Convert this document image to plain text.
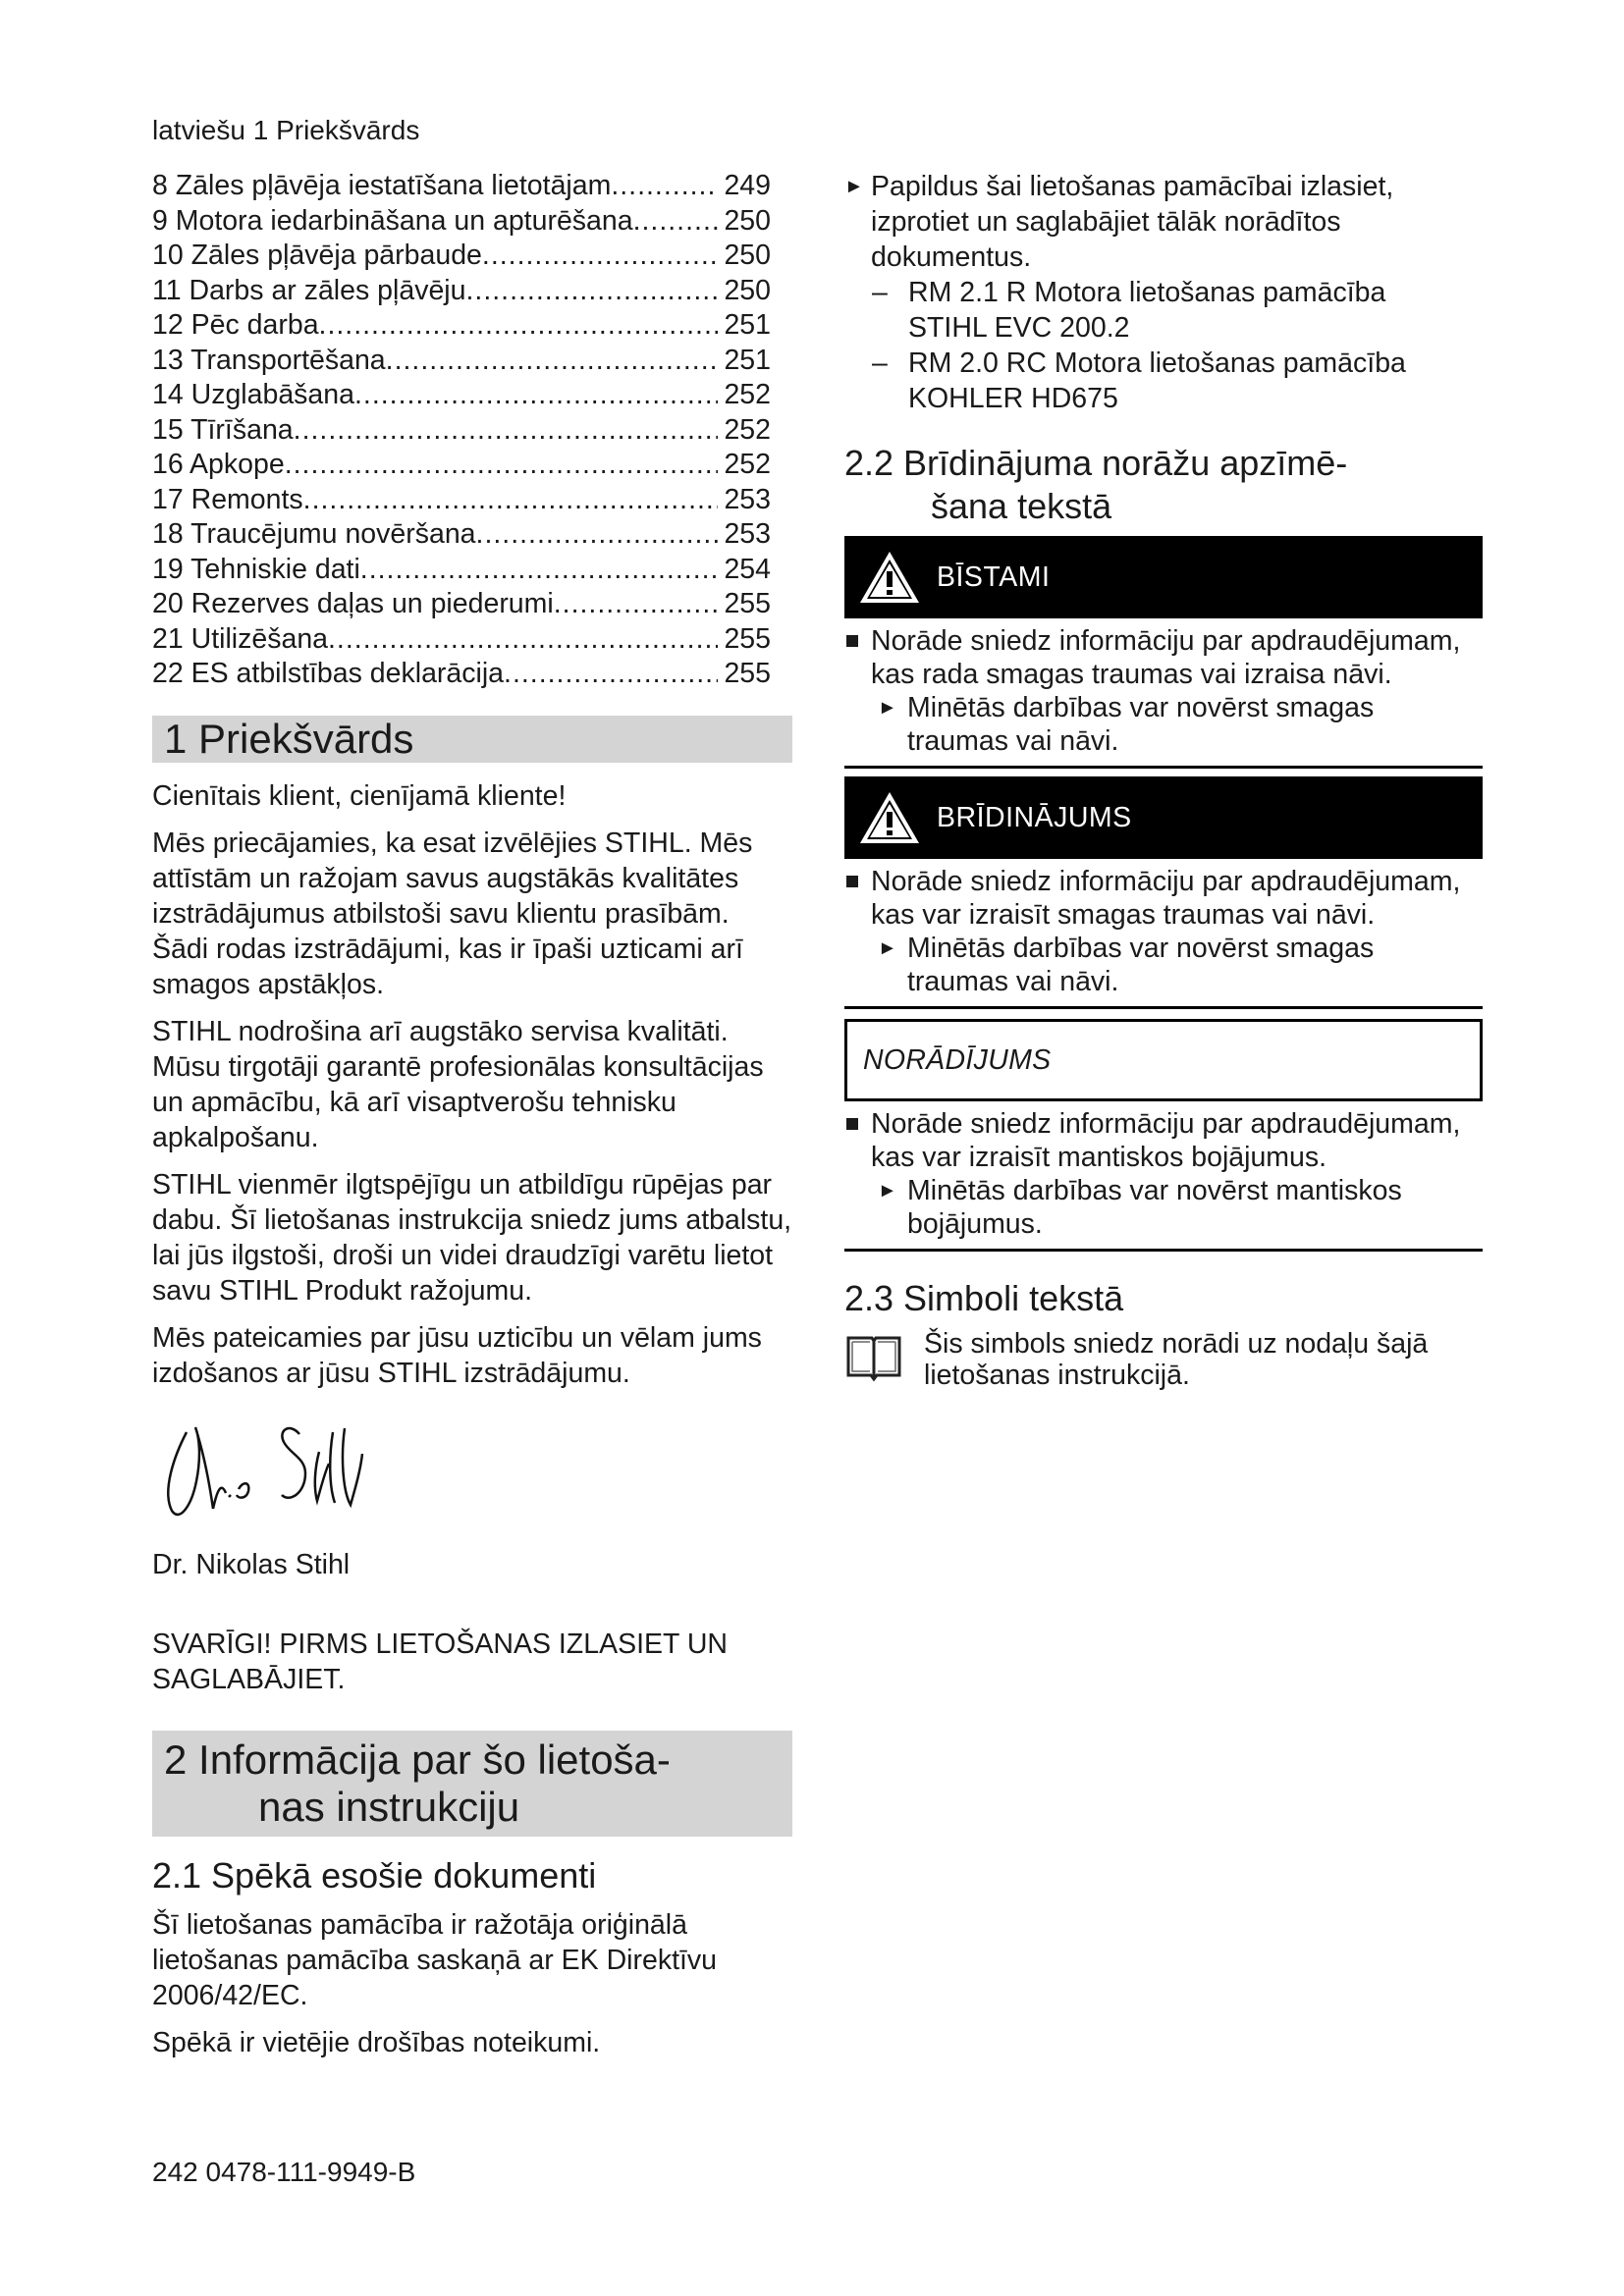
latviešu 1 Priekšvārds
8 Zāles pļāvēja iestatīšana lietotājam .....	249
9 Motora iedarbināšana un apturēšana .....	250
10 Zāles pļāvēja pārbaude .....	250
11 Darbs ar zāles pļāvēju .....	250
12 Pēc darba .....	251
13 Transportēšana .....	251
14 Uzglabāšana .....	252
15 Tīrīšana .....	252
16 Apkope .....	252
17 Remonts .....	253
18 Traucējumu novēršana .....	253
19 Tehniskie dati .....	254
20 Rezerves daļas un piederumi .....	255
21 Utilizēšana .....	255
22 ES atbilstības deklarācija .....	255
1 Priekšvārds
Cienītais klient, cienījamā kliente!
Mēs priecājamies, ka esat izvēlējies STIHL. Mēs attīstām un ražojam savus augstākās kvalitātes izstrādājumus atbilstoši savu klientu prasībām. Šādi rodas izstrādājumi, kas ir īpaši uzticami arī smagos apstākļos.
STIHL nodrošina arī augstāko servisa kvalitāti. Mūsu tirgotāji garantē profesionālas konsultācijas un apmācību, kā arī visaptverošu tehnisku apkalpošanu.
STIHL vienmēr ilgtspējīgu un atbildīgu rūpējas par dabu. Šī lietošanas instrukcija sniedz jums atbalstu, lai jūs ilgstoši, droši un videi draudzīgi varētu lietot savu STIHL Produkt ražojumu.
Mēs pateicamies par jūsu uzticību un vēlam jums izdošanos ar jūsu STIHL izstrādājumu.
Dr. Nikolas Stihl
SVARĪGI! PIRMS LIETOŠANAS IZLASIET UN SAGLABĀJIET.
2 Informācija par šo lietoša-
nas instrukciju
2.1 Spēkā esošie dokumenti
Šī lietošanas pamācība ir ražotāja oriģinālā lietošanas pamācība saskaņā ar EK Direktīvu 2006/42/EC.
Spēkā ir vietējie drošības noteikumi.
► Papildus šai lietošanas pamācībai izlasiet, izprotiet un saglabājiet tālāk norādītos dokumentus.
– RM 2.1 R Motora lietošanas pamācība
STIHL EVC 200.2
– RM 2.0 RC Motora lietošanas pamācība
KOHLER HD675
2.2 Brīdinājuma norāžu apzīmē-
šana tekstā
BĪSTAMI
Norāde sniedz informāciju par apdraudējumam, kas rada smagas traumas vai izraisa nāvi.
► Minētās darbības var novērst smagas traumas vai nāvi.
BRĪDINĀJUMS
Norāde sniedz informāciju par apdraudējumam, kas var izraisīt smagas traumas vai nāvi.
► Minētās darbības var novērst smagas traumas vai nāvi.
NORĀDĪJUMS
Norāde sniedz informāciju par apdraudējumam, kas var izraisīt mantiskos bojājumus.
► Minētās darbības var novērst mantiskos bojājumus.
2.3 Simboli tekstā
Šis simbols sniedz norādi uz nodaļu šajā lietošanas instrukcijā.
242 0478-111-9949-B
